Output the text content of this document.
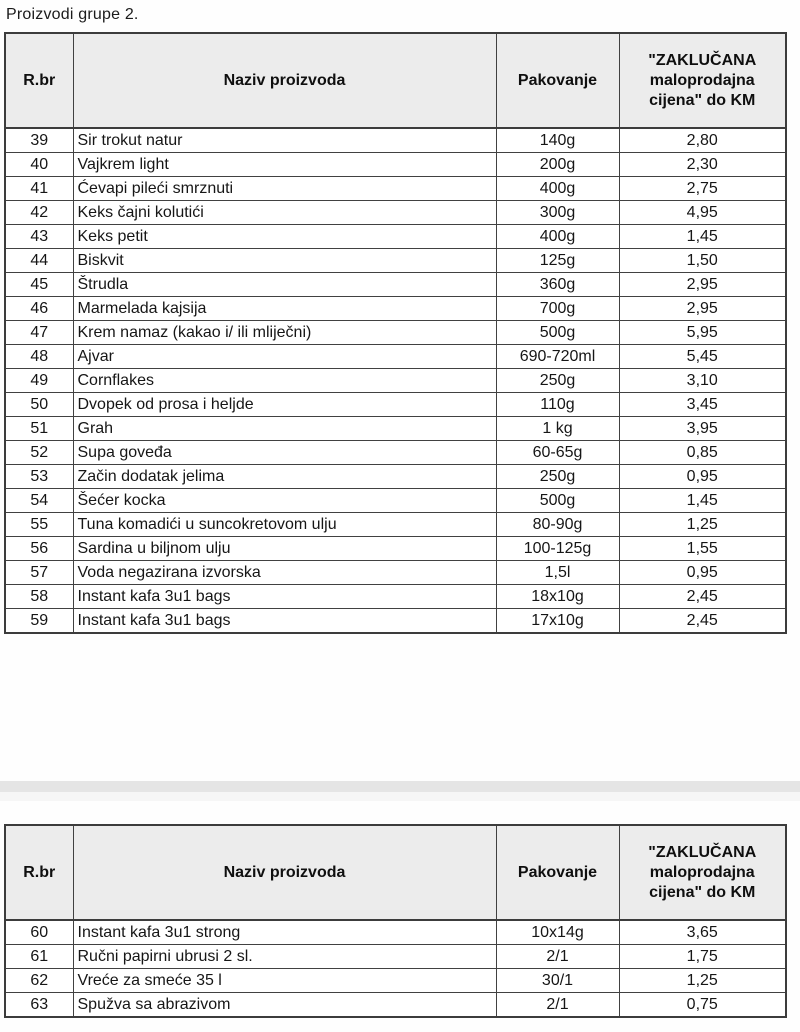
Proizvodi grupe 2.
R.br	Naziv proizvoda	Pakovanje	"ZAKLUČANA maloprodajna cijena" do KM
39	Sir trokut natur	140g	2,80
40	Vajkrem light	200g	2,30
41	Ćevapi pileći smrznuti	400g	2,75
42	Keks čajni kolutići	300g	4,95
43	Keks petit	400g	1,45
44	Biskvit	125g	1,50
45	Štrudla	360g	2,95
46	Marmelada kajsija	700g	2,95
47	Krem namaz (kakao i/ ili mliječni)	500g	5,95
48	Ajvar	690-720ml	5,45
49	Cornflakes	250g	3,10
50	Dvopek od prosa i heljde	110g	3,45
51	Grah	1 kg	3,95
52	Supa goveđa	60-65g	0,85
53	Začin dodatak jelima	250g	0,95
54	Šećer kocka	500g	1,45
55	Tuna komadići u suncokretovom ulju	80-90g	1,25
56	Sardina u biljnom ulju	100-125g	1,55
57	Voda negazirana izvorska	1,5l	0,95
58	Instant kafa 3u1 bags	18x10g	2,45
59	Instant kafa 3u1 bags	17x10g	2,45
R.br	Naziv proizvoda	Pakovanje	"ZAKLUČANA maloprodajna cijena" do KM
60	Instant kafa 3u1 strong	10x14g	3,65
61	Ručni papirni ubrusi 2 sl.	2/1	1,75
62	Vreće za smeće 35 l	30/1	1,25
63	Spužva sa abrazivom	2/1	0,75
